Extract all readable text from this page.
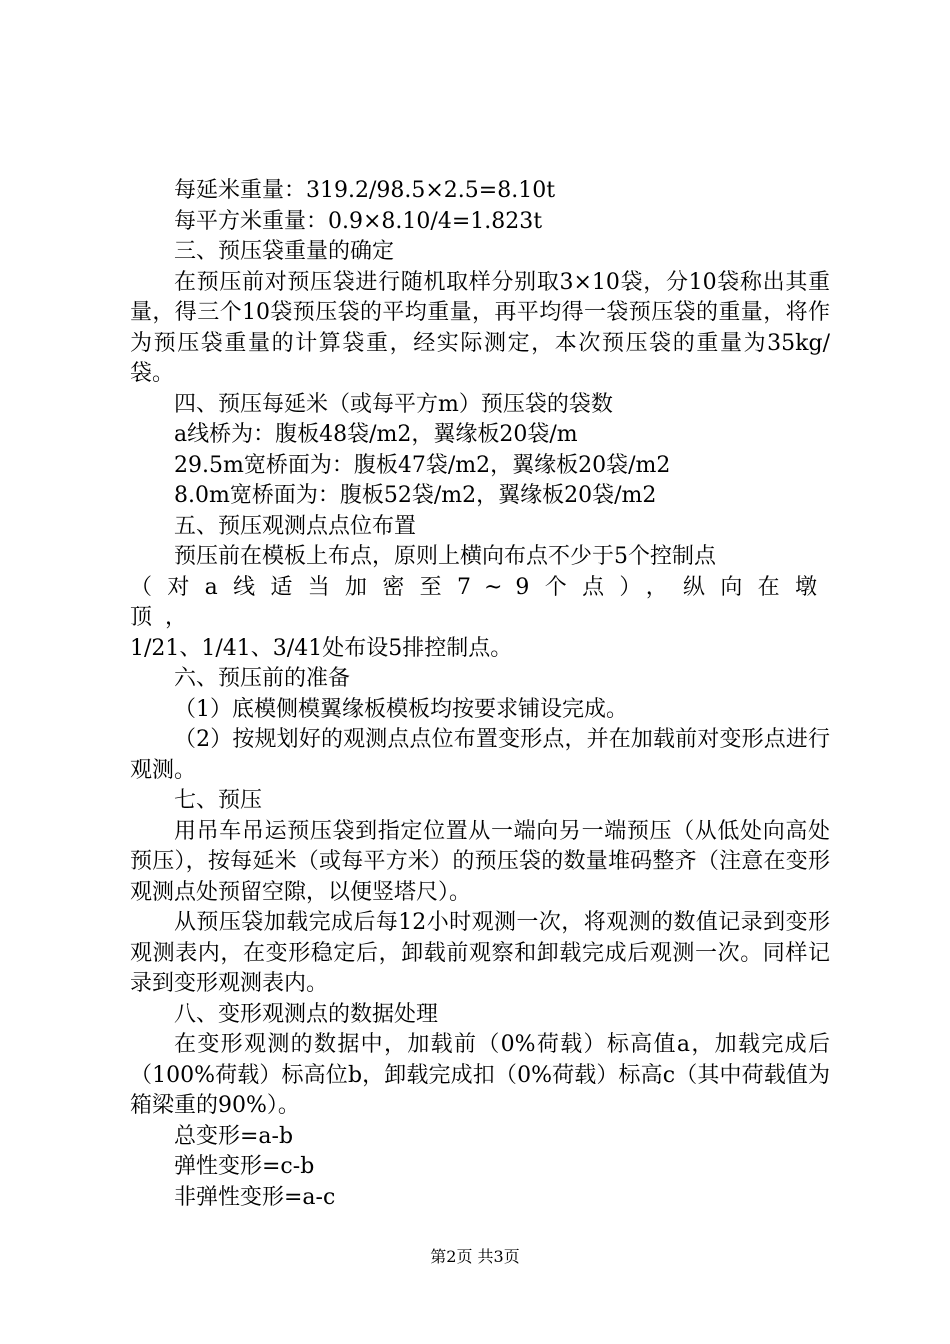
每延米重量：319.2/98.5×2.5=8.10t

每平方米重量：0.9×8.10/4=1.823t

三、预压袋重量的确定

在预压前对预压袋进行随机取样分别取3×10袋，分10袋称出其重量，得三个10袋预压袋的平均重量，再平均得一袋预压袋的重量，将作为预压袋重量的计算袋重，经实际测定，本次预压袋的重量为35kg/袋。

四、预压每延米（或每平方m）预压袋的袋数

a线桥为：腹板48袋/m2，翼缘板20袋/m

29.5m宽桥面为：腹板47袋/m2，翼缘板20袋/m2

8.0m宽桥面为：腹板52袋/m2，翼缘板20袋/m2

五、预压观测点点位布置

预压前在模板上布点，原则上横向布点不少于5个控制点

（对a线适当加密至7~9个点），纵向在墩顶，

1/21、1/41、3/41处布设5排控制点。

六、预压前的准备

（1）底模侧模翼缘板模板均按要求铺设完成。

（2）按规划好的观测点点位布置变形点，并在加载前对变形点进行观测。

七、预压

用吊车吊运预压袋到指定位置从一端向另一端预压（从低处向高处预压），按每延米（或每平方米）的预压袋的数量堆码整齐（注意在变形观测点处预留空隙，以便竖塔尺）。

从预压袋加载完成后每12小时观测一次，将观测的数值记录到变形观测表内，在变形稳定后，卸载前观察和卸载完成后观测一次。同样记录到变形观测表内。

八、变形观测点的数据处理

在变形观测的数据中，加载前（0%荷载）标高值a，加载完成后（100%荷载）标高位b，卸载完成扣（0%荷载）标高c（其中荷载值为箱梁重的90%）。

总变形=a-b

弹性变形=c-b

非弹性变形=a-c

第2页 共3页
